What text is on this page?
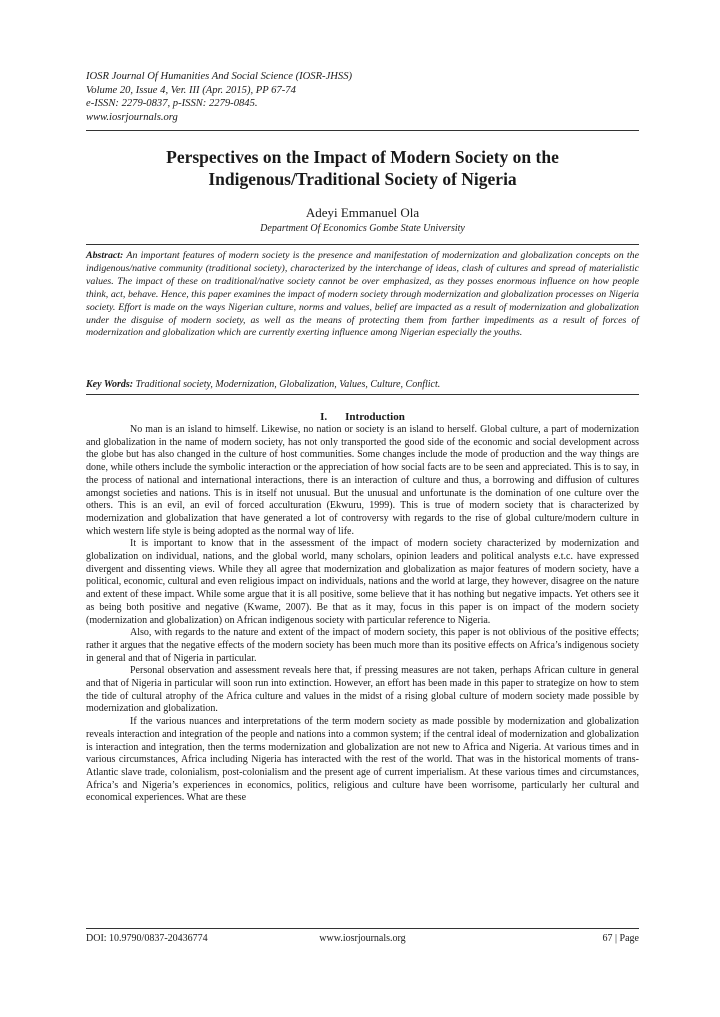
IOSR Journal Of Humanities And Social Science (IOSR-JHSS)
Volume 20, Issue 4, Ver. III (Apr. 2015), PP 67-74
e-ISSN: 2279-0837, p-ISSN: 2279-0845.
www.iosrjournals.org
Perspectives on the Impact of Modern Society on the
Indigenous/Traditional Society of Nigeria
Adeyi Emmanuel Ola
Department Of Economics Gombe State University
Abstract: An important features of modern society is the presence and manifestation of modernization and globalization concepts on the indigenous/native community (traditional society), characterized by the interchange of ideas, clash of cultures and spread of materialistic values. The impact of these on traditional/native society cannot be over emphasized, as they posses enormous influence on how people think, act, behave. Hence, this paper examines the impact of modern society through modernization and globalization processes on Nigeria society. Effort is made on the ways Nigerian culture, norms and values, belief are impacted as a result of modernization and globalization under the disguise of modern society, as well as the means of protecting them from farther impediments as a result of forces of modernization and globalization which are currently exerting influence among Nigerian especially the youths.
Key Words: Traditional society, Modernization, Globalization, Values, Culture, Conflict.
I. Introduction

No man is an island to himself. Likewise, no nation or society is an island to herself. Global culture, a part of modernization and globalization in the name of modern society, has not only transported the good side of the economic and social development across the globe but has also changed in the culture of host communities. Some changes include the mode of production and the way things are done, while others include the symbolic interaction or the appreciation of how social facts are to be seen and appreciated. This is to say, in the process of national and international interactions, there is an interaction of culture and thus, a borrowing and diffusion of cultures amongst societies and nations. This is in itself not unusual. But the unusual and unfortunate is the domination of one culture over the others. This is an evil, an evil of forced acculturation (Ekwuru, 1999). This is true of modern society that is characterized by modernization and globalization that have generated a lot of controversy with regards to the rise of global culture/modern culture in which western life style is being adopted as the normal way of life.

It is important to know that in the assessment of the impact of modern society characterized by modernization and globalization on individual, nations, and the global world, many scholars, opinion leaders and political analysts e.t.c. have expressed divergent and dissenting views. While they all agree that modernization and globalization as major features of modern society, have a political, economic, cultural and even religious impact on individuals, nations and the world at large, they however, disagree on the nature and extent of these impact. While some argue that it is all positive, some believe that it has nothing but negative impacts. Yet others see it as being both positive and negative (Kwame, 2007). Be that as it may, focus in this paper is on impact of the modern society (modernization and globalization) on African indigenous society with particular reference to Nigeria.

Also, with regards to the nature and extent of the impact of modern society, this paper is not oblivious of the positive effects; rather it argues that the negative effects of the modern society has been much more than its positive effects on Africa’s indigenous society in general and that of Nigeria in particular.

Personal observation and assessment reveals here that, if pressing measures are not taken, perhaps African culture in general and that of Nigeria in particular will soon run into extinction. However, an effort has been made in this paper to strategize on how to stem the tide of cultural atrophy of the Africa culture and values in the midst of a rising global culture of modern society made possible by modernization and globalization.

If the various nuances and interpretations of the term modern society as made possible by modernization and globalization reveals interaction and integration of the people and nations into a common system; if the central ideal of modernization and globalization is interaction and integration, then the terms modernization and globalization are not new to Africa and Nigeria. At various times and in various circumstances, Africa including Nigeria has interacted with the rest of the world. That was in the historical moments of trans-Atlantic slave trade, colonialism, post-colonialism and the present age of current imperialism. At these various times and circumstances, Africa’s and Nigeria’s experiences in economics, politics, religious and culture have been worrisome, particularly her cultural and economical experiences. What are these

DOI: 10.9790/0837-20436774	www.iosrjournals.org	67 | Page
